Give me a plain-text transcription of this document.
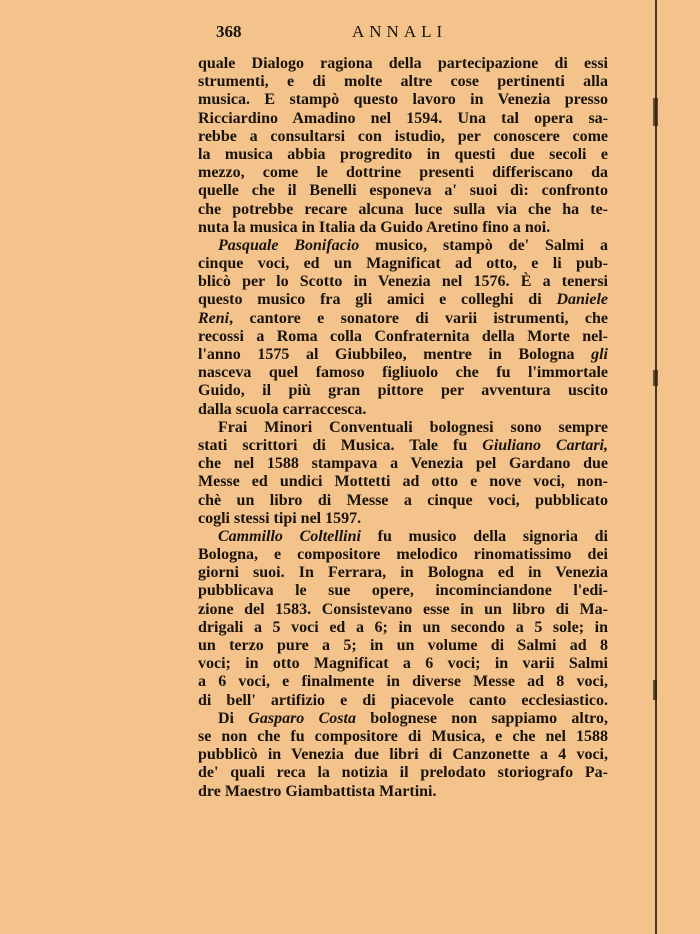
368	ANNALI
quale Dialogo ragiona della partecipazione di essi
strumenti, e di molte altre cose pertinenti alla
musica. E stampò questo lavoro in Venezia presso
Ricciardino Amadino nel 1594. Una tal opera sa-
rebbe a consultarsi con istudio, per conoscere come
la musica abbia progredito in questi due secoli e
mezzo, come le dottrine presenti differiscano da
quelle che il Benelli esponeva a' suoi dì: confronto
che potrebbe recare alcuna luce sulla via che ha te-
nuta la musica in Italia da Guido Aretino fino a noi.
Pasquale Bonifacio musico, stampò de' Salmi a
cinque voci, ed un Magnificat ad otto, e li pub-
blicò per lo Scotto in Venezia nel 1576. È a tenersi
questo musico fra gli amici e colleghi di Daniele
Reni, cantore e sonatore di varii istrumenti, che
recossi a Roma colla Confraternita della Morte nel-
l'anno 1575 al Giubbileo, mentre in Bologna gli
nasceva quel famoso figliuolo che fu l'immortale
Guido, il più gran pittore per avventura uscito
dalla scuola carraccesca.
Frai Minori Conventuali bolognesi sono sempre
stati scrittori di Musica. Tale fu Giuliano Cartari,
che nel 1588 stampava a Venezia pel Gardano due
Messe ed undici Mottetti ad otto e nove voci, non-
chè un libro di Messe a cinque voci, pubblicato
cogli stessi tipi nel 1597.
Cammillo Coltellini fu musico della signoria di
Bologna, e compositore melodico rinomatissimo dei
giorni suoi. In Ferrara, in Bologna ed in Venezia
pubblicava le sue opere, incominciandone l'edi-
zione del 1583. Consistevano esse in un libro di Ma-
drigali a 5 voci ed a 6; in un secondo a 5 sole; in
un terzo pure a 5; in un volume di Salmi ad 8
voci; in otto Magnificat a 6 voci; in varii Salmi
a 6 voci, e finalmente in diverse Messe ad 8 voci,
di bell' artifizio e di piacevole canto ecclesiastico.
Di Gasparo Costa bolognese non sappiamo altro,
se non che fu compositore di Musica, e che nel 1588
pubblicò in Venezia due libri di Canzonette a 4 voci,
de' quali reca la notizia il prelodato storiografo Pa-
dre Maestro Giambattista Martini.
